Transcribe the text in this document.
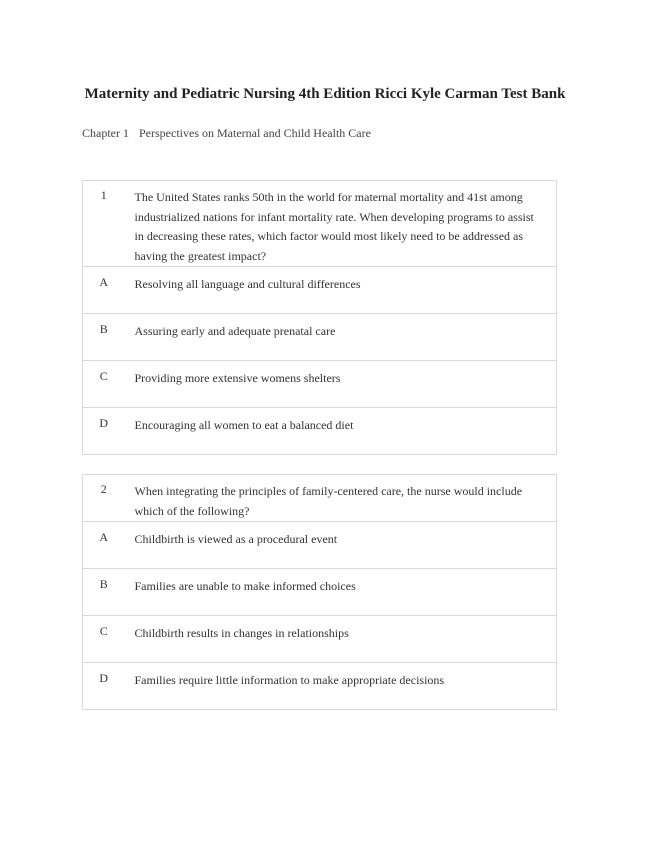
Maternity and Pediatric Nursing 4th Edition Ricci Kyle Carman Test Bank
Chapter 1 Perspectives on Maternal and Child Health Care
1	The United States ranks 50th in the world for maternal mortality and 41st among industrialized nations for infant mortality rate. When developing programs to assist in decreasing these rates, which factor would most likely need to be addressed as having the greatest impact?
A	Resolving all language and cultural differences
B	Assuring early and adequate prenatal care
C	Providing more extensive womens shelters
D	Encouraging all women to eat a balanced diet
2	When integrating the principles of family-centered care, the nurse would include which of the following?
A	Childbirth is viewed as a procedural event
B	Families are unable to make informed choices
C	Childbirth results in changes in relationships
D	Families require little information to make appropriate decisions
